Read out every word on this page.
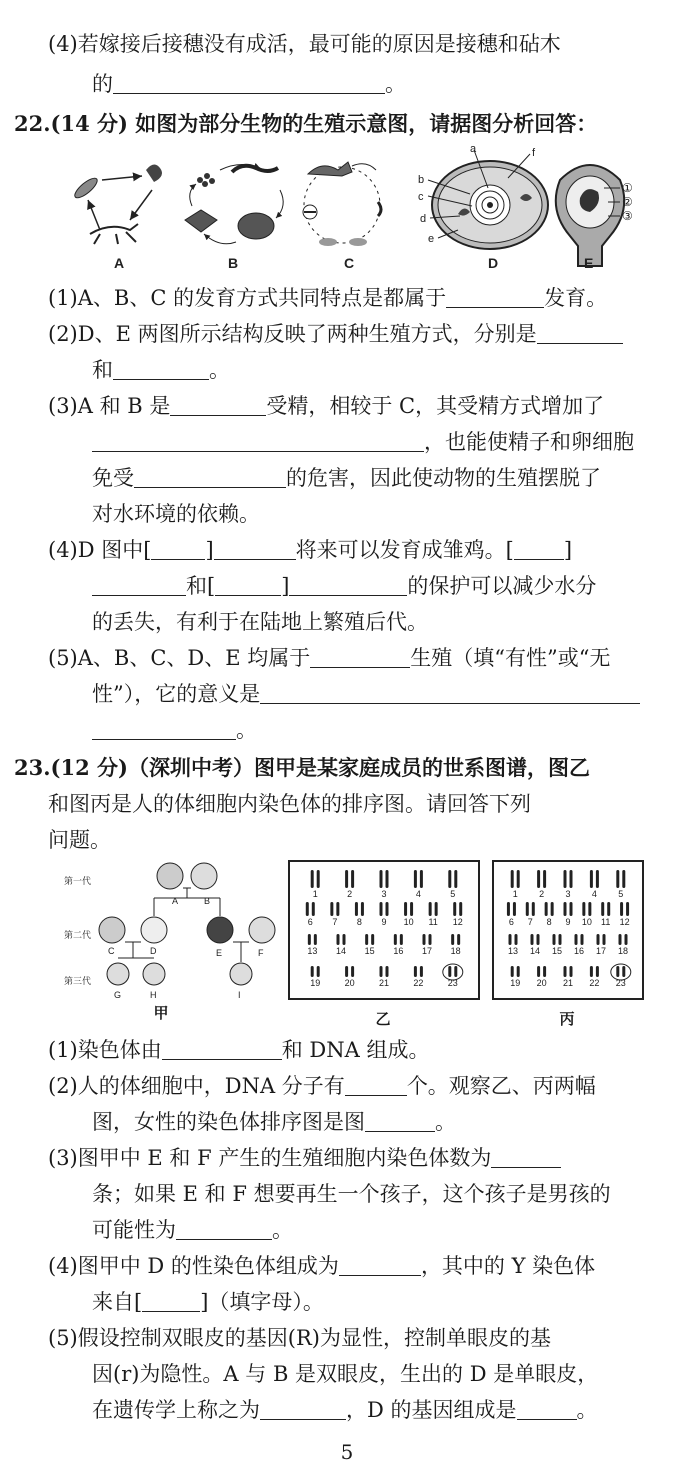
(4)若嫁接后接穗没有成活，最可能的原因是接穗和砧木
的	。
22.(14 分) 如图为部分生物的生殖示意图，请据图分析回答：
a
b
c
d
e
f
①
②
③
A	B	C	D	E
(1)A、B、C 的发育方式共同特点是都属于	发育。
(2)D、E 两图所示结构反映了两种生殖方式，分别是
和	。
(3)A 和 B 是	受精，相较于 C，其受精方式增加了
，也能使精子和卵细胞
免受	的危害，因此使动物的生殖摆脱了
对水环境的依赖。
(4)D 图中[	]	将来可以发育成雏鸡。[ ]
和[	]	的保护可以减少水分
的丢失，有利于在陆地上繁殖后代。
(5)A、B、C、D、E 均属于	生殖（填“有性”或“无
性”），它的意义是
。
23.(12 分)（深圳中考）图甲是某家庭成员的世系图谱，图乙
和图丙是人的体细胞内染色体的排序图。请回答下列
问题。
第一代
第二代
第三代
A	B
C	D	E	F
G	H	I
1	2	3	4	5
6 7 8 9 10 11 12
13 14 15 16 17 18
19	20	21	22	23
1 2 3 4 5
6 7 8 9 10 11 12
13 14 15 16 17 18
19 20 21 22 23
甲	乙	丙
(1)染色体由	和 DNA 组成。
(2)人的体细胞中，DNA 分子有	个。观察乙、丙两幅
图，女性的染色体排序图是图	。
(3)图甲中 E 和 F 产生的生殖细胞内染色体数为
条；如果 E 和 F 想要再生一个孩子，这个孩子是男孩的
可能性为	。
(4)图甲中 D 的性染色体组成为	，其中的 Y 染色体
来自[	]（填字母）。
(5)假设控制双眼皮的基因(R)为显性，控制单眼皮的基
因(r)为隐性。A 与 B 是双眼皮，生出的 D 是单眼皮，
在遗传学上称之为	，D 的基因组成是	。
5
